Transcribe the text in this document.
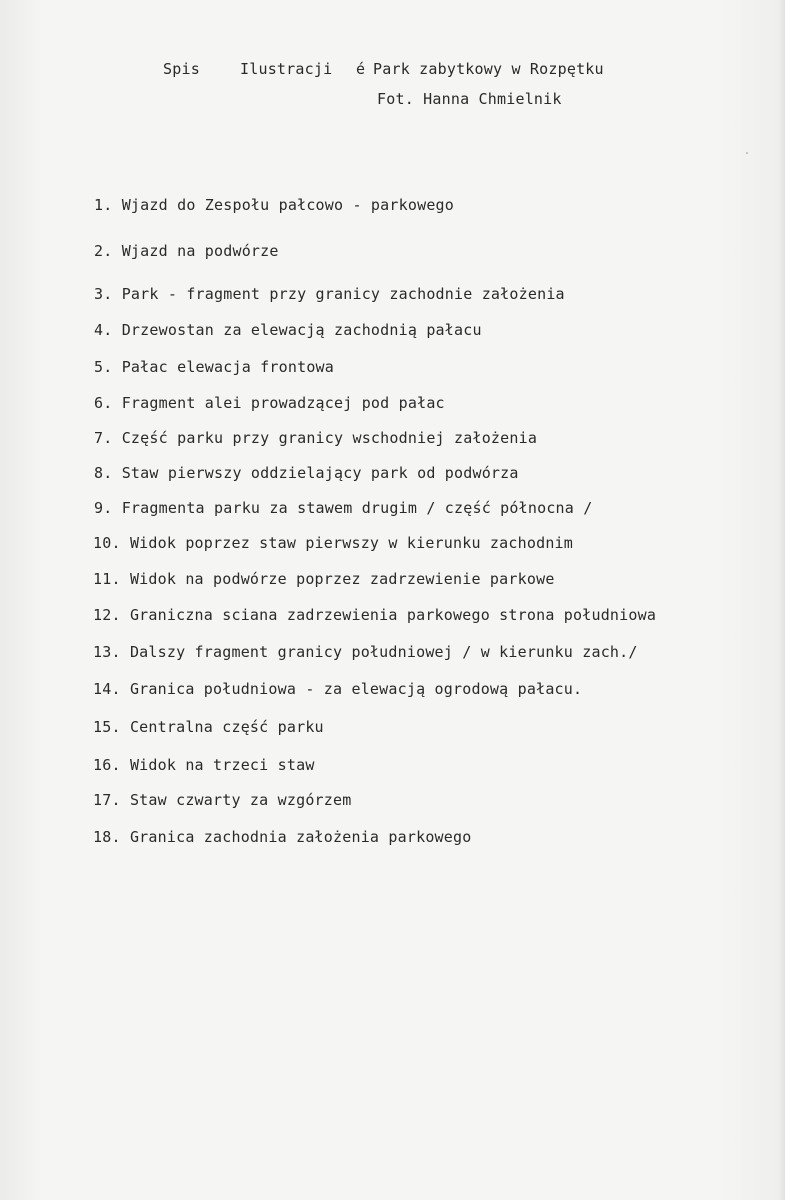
Spis	Ilustracji é Park zabytkowy w Rozpętku
Fot. Hanna Chmielnik
1. Wjazd do Zespołu pałcowo - parkowego
2. Wjazd na podwórze
3. Park - fragment przy granicy zachodnie założenia
4. Drzewostan za elewacją zachodnią pałacu
5. Pałac elewacja frontowa
6. Fragment alei prowadzącej pod pałac
7. Część parku przy granicy wschodniej założenia
8. Staw pierwszy oddzielający park od podwórza
9. Fragmenta parku za stawem drugim / część północna /
10. Widok poprzez staw pierwszy w kierunku zachodnim
11. Widok na podwórze poprzez zadrzewienie parkowe
12. Graniczna sciana zadrzewienia parkowego strona południowa
13. Dalszy fragment granicy południowej / w kierunku zach./
14. Granica południowa - za elewacją ogrodową pałacu.
15. Centralna część parku
16. Widok na trzeci staw
17. Staw czwarty za wzgórzem
18. Granica zachodnia założenia parkowego
